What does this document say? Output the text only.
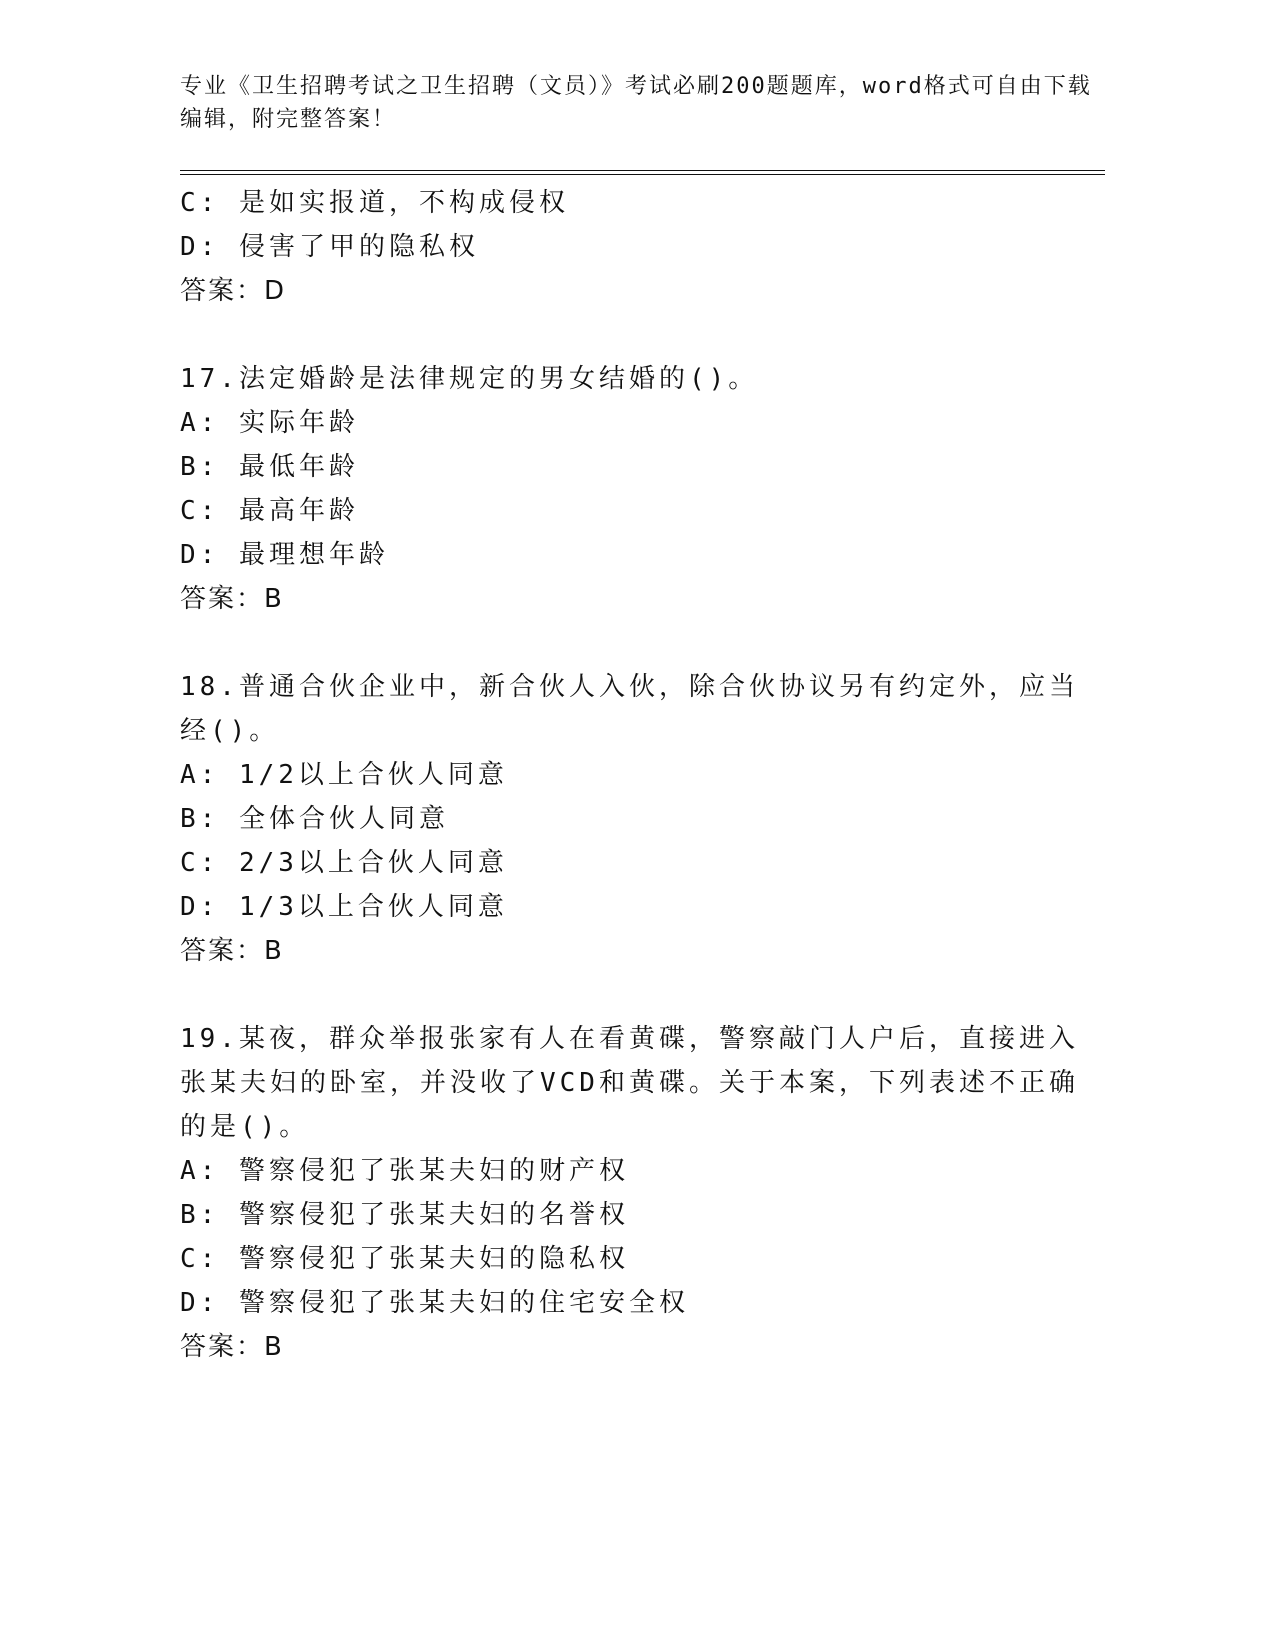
专业《卫生招聘考试之卫生招聘（文员）》考试必刷200题题库，word格式可自由下载编辑，附完整答案！

C: 是如实报道，不构成侵权

D: 侵害了甲的隐私权

答案：D

17.法定婚龄是法律规定的男女结婚的()。

A: 实际年龄

B: 最低年龄

C: 最高年龄

D: 最理想年龄

答案：B

18.普通合伙企业中，新合伙人入伙，除合伙协议另有约定外，应当经()。

A: 1/2以上合伙人同意

B: 全体合伙人同意

C: 2/3以上合伙人同意

D: 1/3以上合伙人同意

答案：B

19.某夜，群众举报张家有人在看黄碟，警察敲门人户后，直接进入张某夫妇的卧室，并没收了VCD和黄碟。关于本案，下列表述不正确的是()。

A: 警察侵犯了张某夫妇的财产权

B: 警察侵犯了张某夫妇的名誉权

C: 警察侵犯了张某夫妇的隐私权

D: 警察侵犯了张某夫妇的住宅安全权

答案：B
